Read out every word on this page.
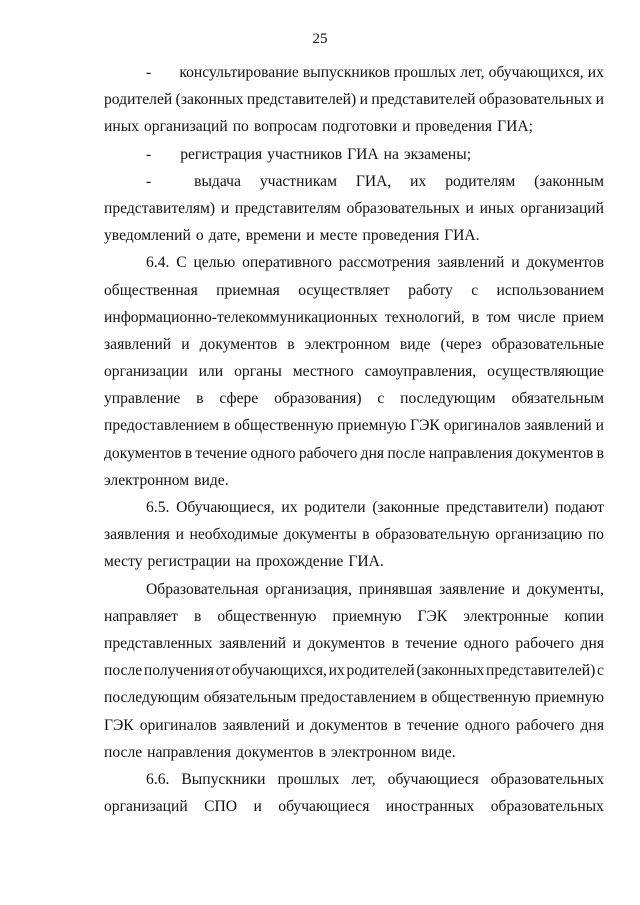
25
- консультирование выпускников прошлых лет, обучающихся, их
родителей (законных представителей) и представителей образовательных и
иных организаций по вопросам подготовки и проведения ГИА;
- регистрация участников ГИА на экзамены;
-	выдача участникам ГИА, их родителям (законным
представителям) и представителям образовательных и иных организаций
уведомлений о дате, времени и месте проведения ГИА.
6.4. С целью оперативного рассмотрения заявлений и документов
общественная приемная осуществляет работу с использованием
информационно-телекоммуникационных технологий, в том числе прием
заявлений и документов в электронном виде (через образовательные
организации или органы местного самоуправления, осуществляющие
управление в сфере образования) с последующим обязательным
предоставлением в общественную приемную ГЭК оригиналов заявлений и
документов в течение одного рабочего дня после направления документов в
электронном виде.
6.5. Обучающиеся, их родители (законные представители) подают
заявления и необходимые документы в образовательную организацию по
месту регистрации на прохождение ГИА.
Образовательная организация, принявшая заявление и документы,
направляет в общественную приемную ГЭК электронные копии
представленных заявлений и документов в течение одного рабочего дня
после получения от обучающихся, их родителей (законных представителей) с
последующим обязательным предоставлением в общественную приемную
ГЭК оригиналов заявлений и документов в течение одного рабочего дня
после направления документов в электронном виде.
6.6. Выпускники прошлых лет, обучающиеся образовательных
организаций СПО и обучающиеся иностранных образовательных
